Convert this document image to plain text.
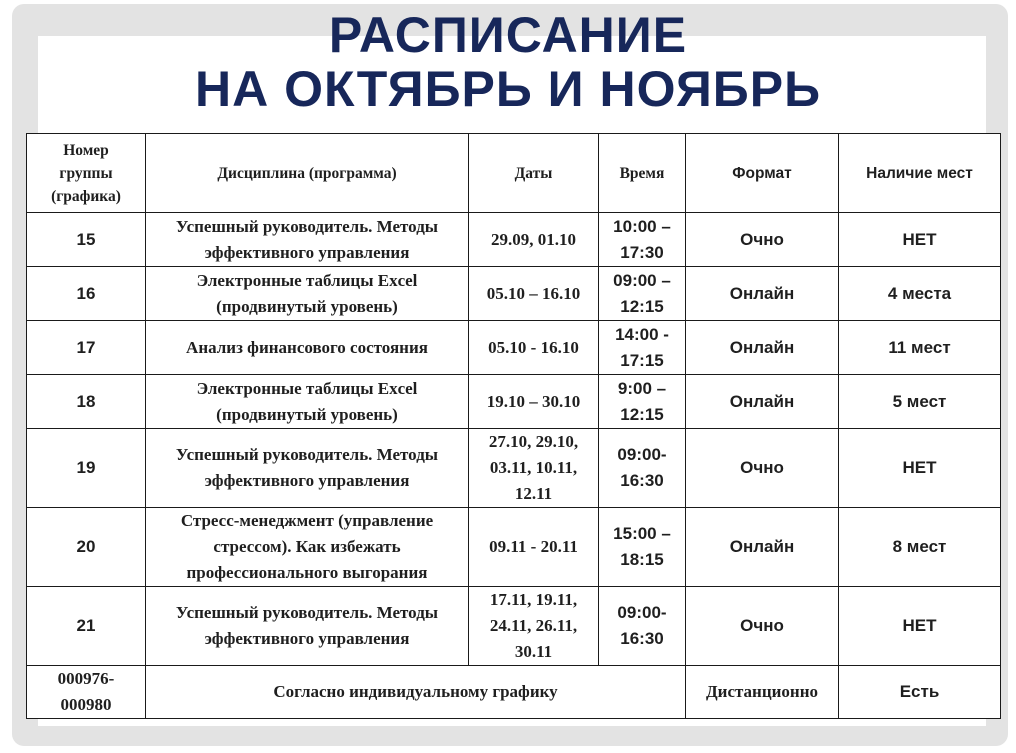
РАСПИСАНИЕ
НА ОКТЯБРЬ И НОЯБРЬ
Номер
группы
(графика)	Дисциплина (программа)	Даты	Время	Формат	Наличие мест
15	Успешный руководитель. Методы
эффективного управления	29.09, 01.10	10:00 –
17:30	Очно	НЕТ
16	Электронные таблицы Excel
(продвинутый уровень)	05.10 – 16.10	09:00 –
12:15	Онлайн	4 места
17	Анализ финансового состояния	05.10 - 16.10	14:00 -
17:15	Онлайн	11 мест
18	Электронные таблицы Excel
(продвинутый уровень)	19.10 – 30.10	9:00 –
12:15	Онлайн	5 мест
19	Успешный руководитель. Методы
эффективного управления	27.10, 29.10,
03.11, 10.11,
12.11	09:00-
16:30	Очно	НЕТ
20	Стресс-менеджмент (управление
стрессом). Как избежать
профессионального выгорания	09.11 - 20.11	15:00 –
18:15	Онлайн	8 мест
21	Успешный руководитель. Методы
эффективного управления	17.11, 19.11,
24.11, 26.11,
30.11	09:00-
16:30	Очно	НЕТ

000976-
000980	Согласно индивидуальному графику			Дистанционно	Есть
